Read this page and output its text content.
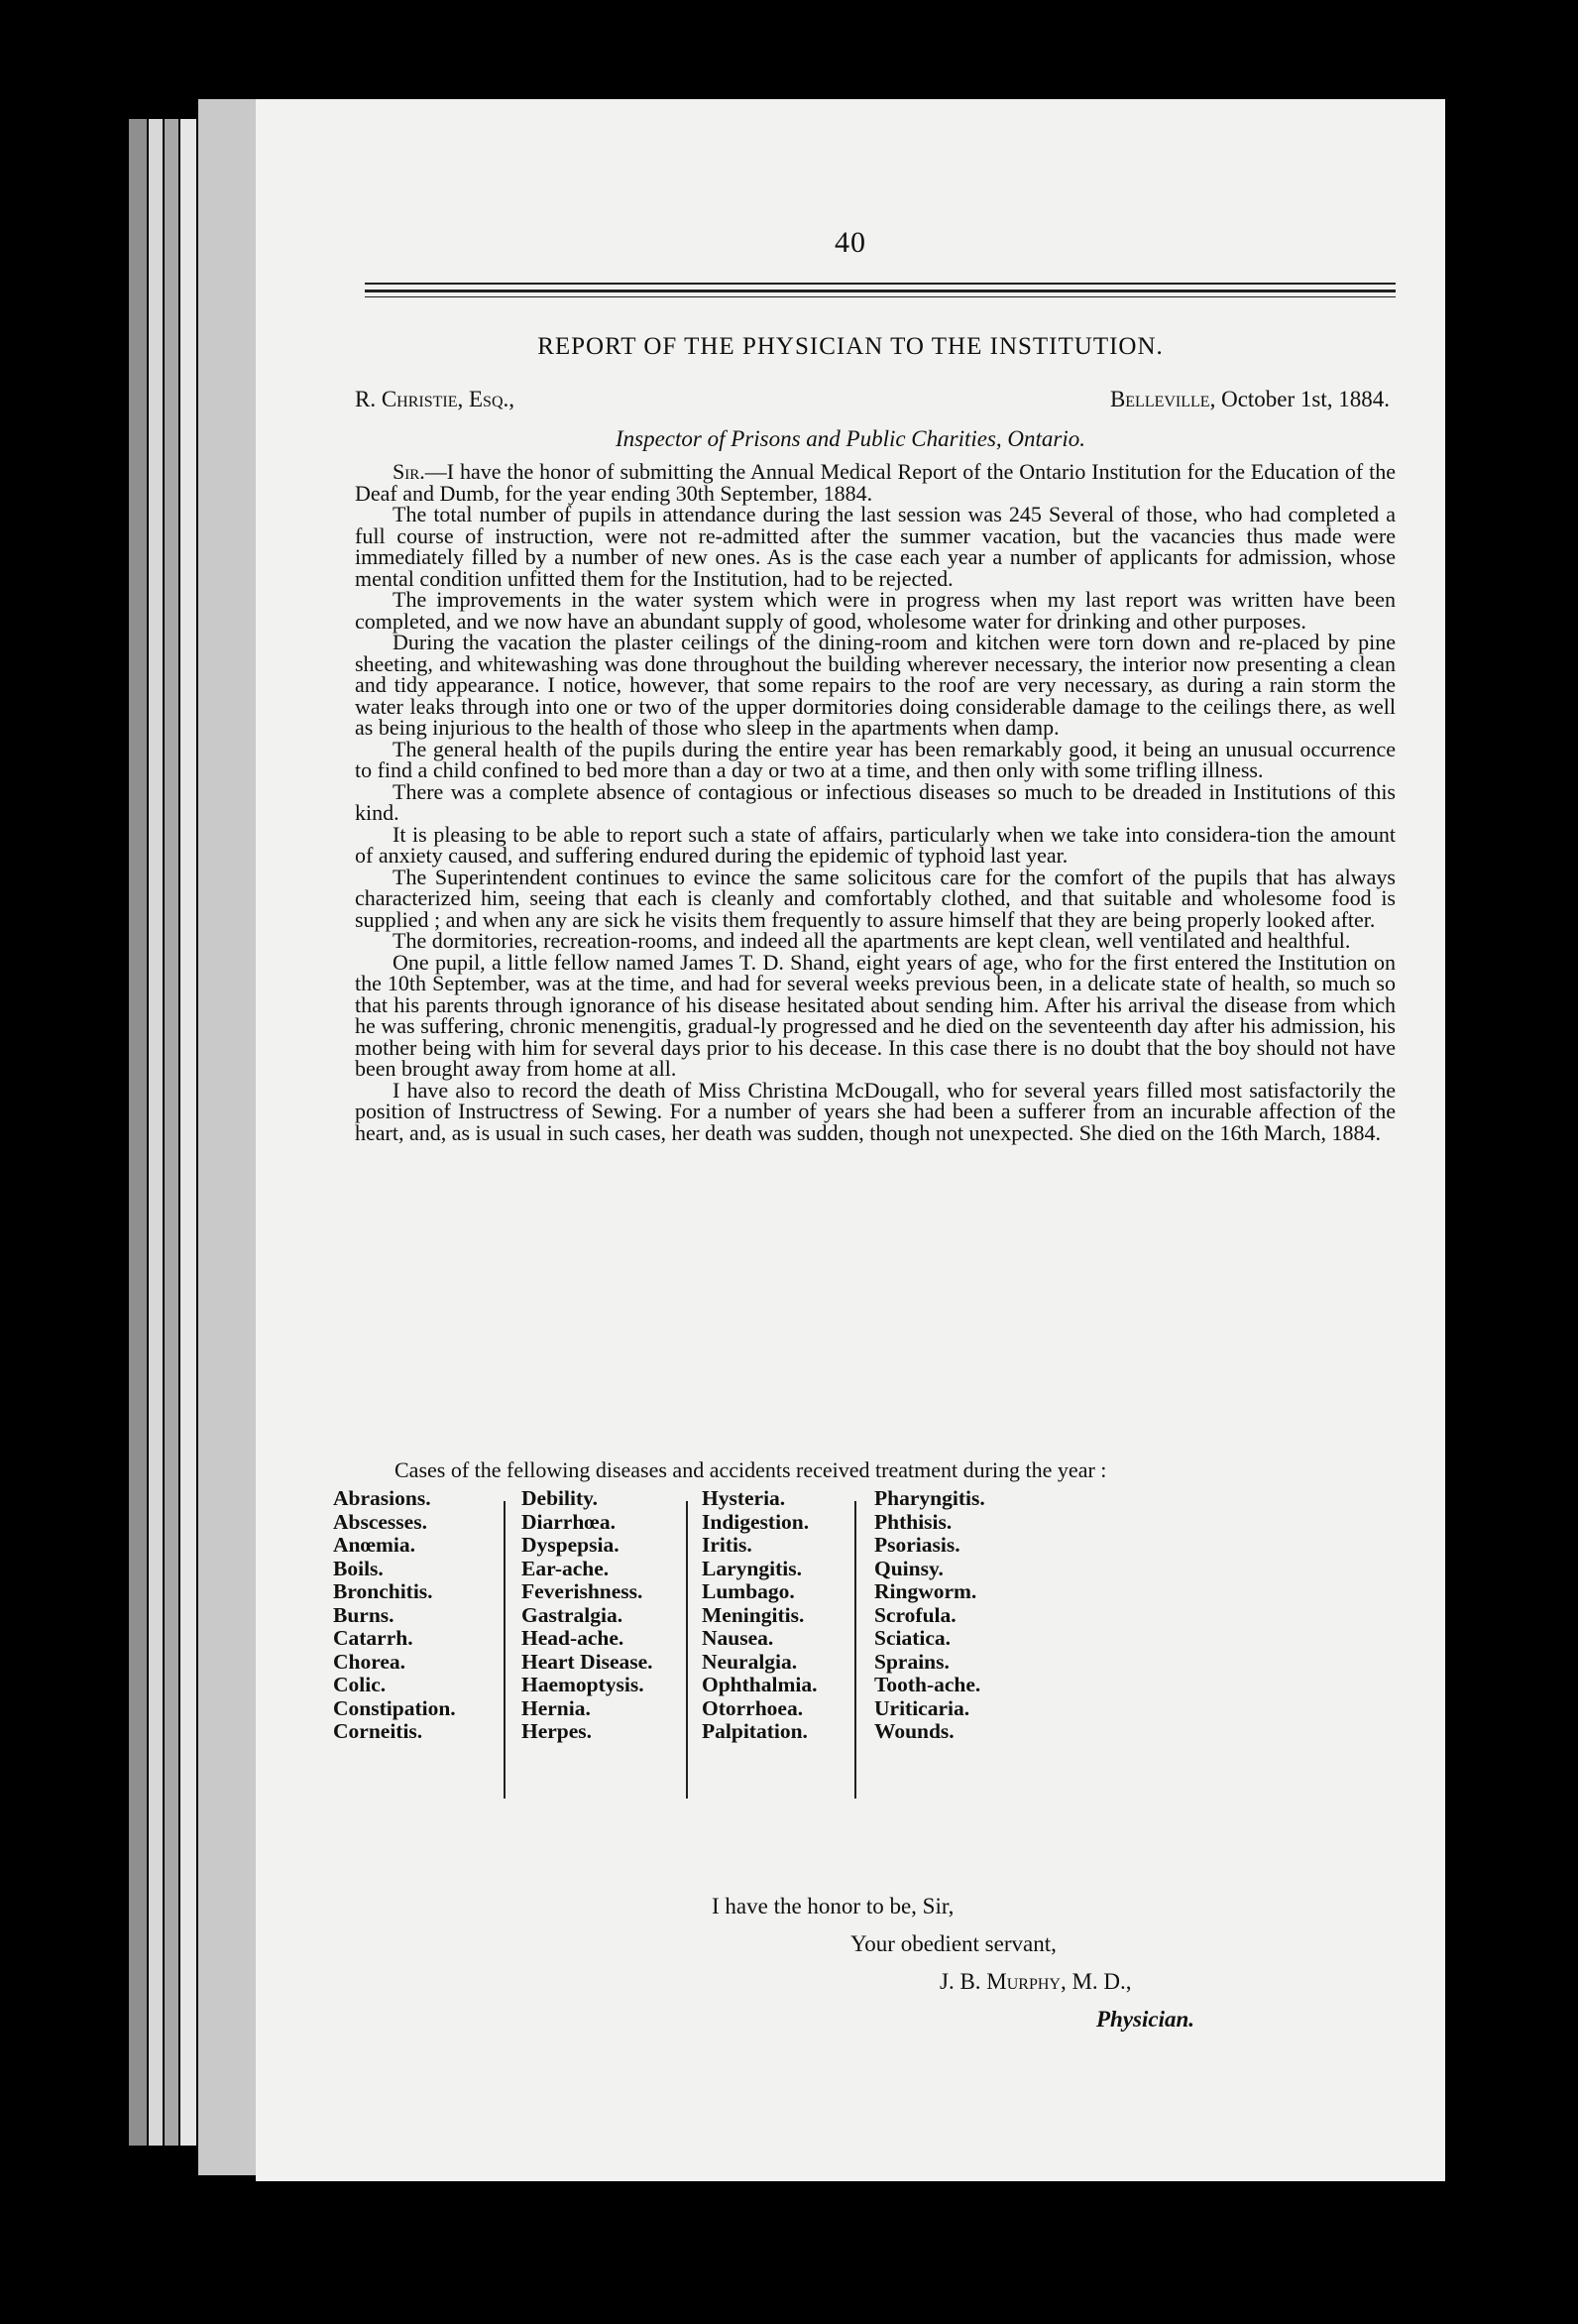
40
REPORT OF THE PHYSICIAN TO THE INSTITUTION.
R. Christie, Esq.,	Belleville, October 1st, 1884.
Inspector of Prisons and Public Charities, Ontario.

Sir.—I have the honor of submitting the Annual Medical Report of the Ontario Institution for the Education of the Deaf and Dumb, for the year ending 30th September, 1884.

The total number of pupils in attendance during the last session was 245 Several of those, who had completed a full course of instruction, were not re-admitted after the summer vacation, but the vacancies thus made were immediately filled by a number of new ones. As is the case each year a number of applicants for admission, whose mental condition unfitted them for the Institution, had to be rejected.

The improvements in the water system which were in progress when my last report was written have been completed, and we now have an abundant supply of good, wholesome water for drinking and other purposes.

During the vacation the plaster ceilings of the dining-room and kitchen were torn down and re-placed by pine sheeting, and whitewashing was done throughout the building wherever necessary, the interior now presenting a clean and tidy appearance. I notice, however, that some repairs to the roof are very necessary, as during a rain storm the water leaks through into one or two of the upper dormitories doing considerable damage to the ceilings there, as well as being injurious to the health of those who sleep in the apartments when damp.

The general health of the pupils during the entire year has been remarkably good, it being an unusual occurrence to find a child confined to bed more than a day or two at a time, and then only with some trifling illness.

There was a complete absence of contagious or infectious diseases so much to be dreaded in Institutions of this kind.

It is pleasing to be able to report such a state of affairs, particularly when we take into considera-tion the amount of anxiety caused, and suffering endured during the epidemic of typhoid last year.

The Superintendent continues to evince the same solicitous care for the comfort of the pupils that has always characterized him, seeing that each is cleanly and comfortably clothed, and that suitable and wholesome food is supplied ; and when any are sick he visits them frequently to assure himself that they are being properly looked after.

The dormitories, recreation-rooms, and indeed all the apartments are kept clean, well ventilated and healthful.

One pupil, a little fellow named James T. D. Shand, eight years of age, who for the first entered the Institution on the 10th September, was at the time, and had for several weeks previous been, in a delicate state of health, so much so that his parents through ignorance of his disease hesitated about sending him. After his arrival the disease from which he was suffering, chronic menengitis, gradual-ly progressed and he died on the seventeenth day after his admission, his mother being with him for several days prior to his decease. In this case there is no doubt that the boy should not have been brought away from home at all.

I have also to record the death of Miss Christina McDougall, who for several years filled most satisfactorily the position of Instructress of Sewing. For a number of years she had been a sufferer from an incurable affection of the heart, and, as is usual in such cases, her death was sudden, though not unexpected. She died on the 16th March, 1884.

Cases of the fellowing diseases and accidents received treatment during the year :
Abrasions.
Abscesses.
Anœmia.
Boils.
Bronchitis.
Burns.
Catarrh.
Chorea.
Colic.
Constipation.
Corneitis.
Debility.
Diarrhœa.
Dyspepsia.
Ear-ache.
Feverishness.
Gastralgia.
Head-ache.
Heart Disease.
Haemoptysis.
Hernia.
Herpes.
Hysteria.
Indigestion.
Iritis.
Laryngitis.
Lumbago.
Meningitis.
Nausea.
Neuralgia.
Ophthalmia.
Otorrhoea.
Palpitation.
Pharyngitis.
Phthisis.
Psoriasis.
Quinsy.
Ringworm.
Scrofula.
Sciatica.
Sprains.
Tooth-ache.
Uriticaria.
Wounds.
I have the honor to be, Sir,
Your obedient servant,
J. B. Murphy, M. D.,
Physician.
